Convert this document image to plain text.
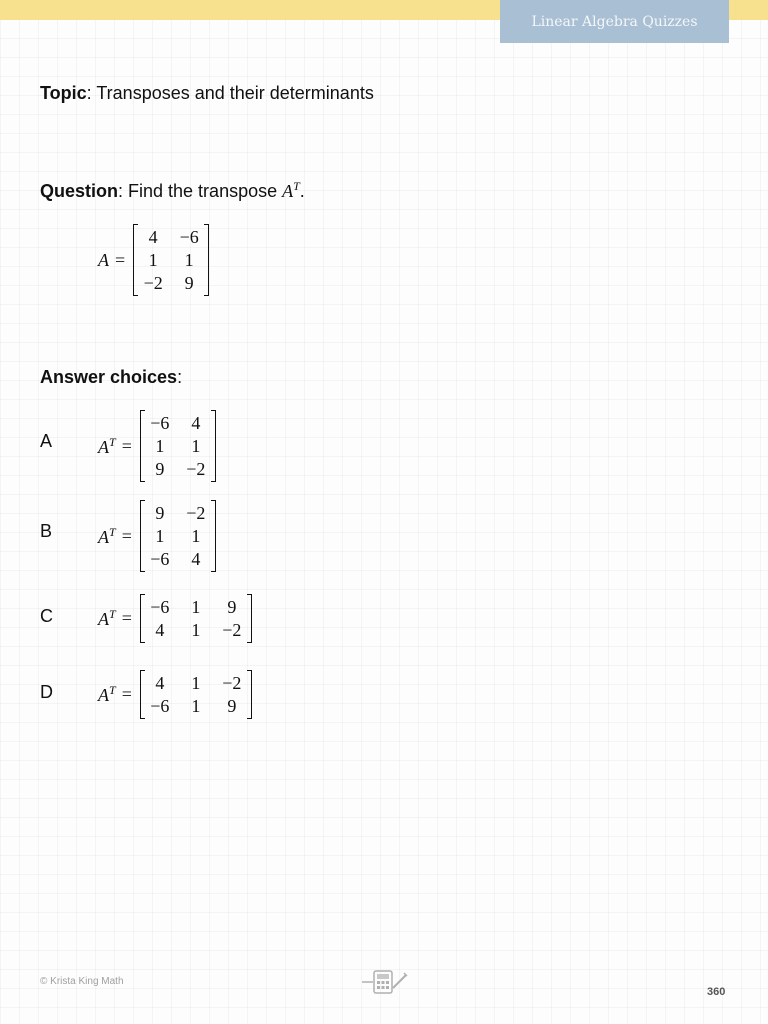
Linear Algebra Quizzes
Topic: Transposes and their determinants
Question: Find the transpose $A^T$.
A =
4	−6
1	1
−2	9
Answer choices:
A	$A^T$ =
−6	4
1	1
9	−2
B	$A^T$ =
9	−2
1	1
−6	4
C	$A^T$ =
−6	1	9
4	1	−2
D	$A^T$ =
4	1	−2
−6	1	9
© Krista King Math
360
